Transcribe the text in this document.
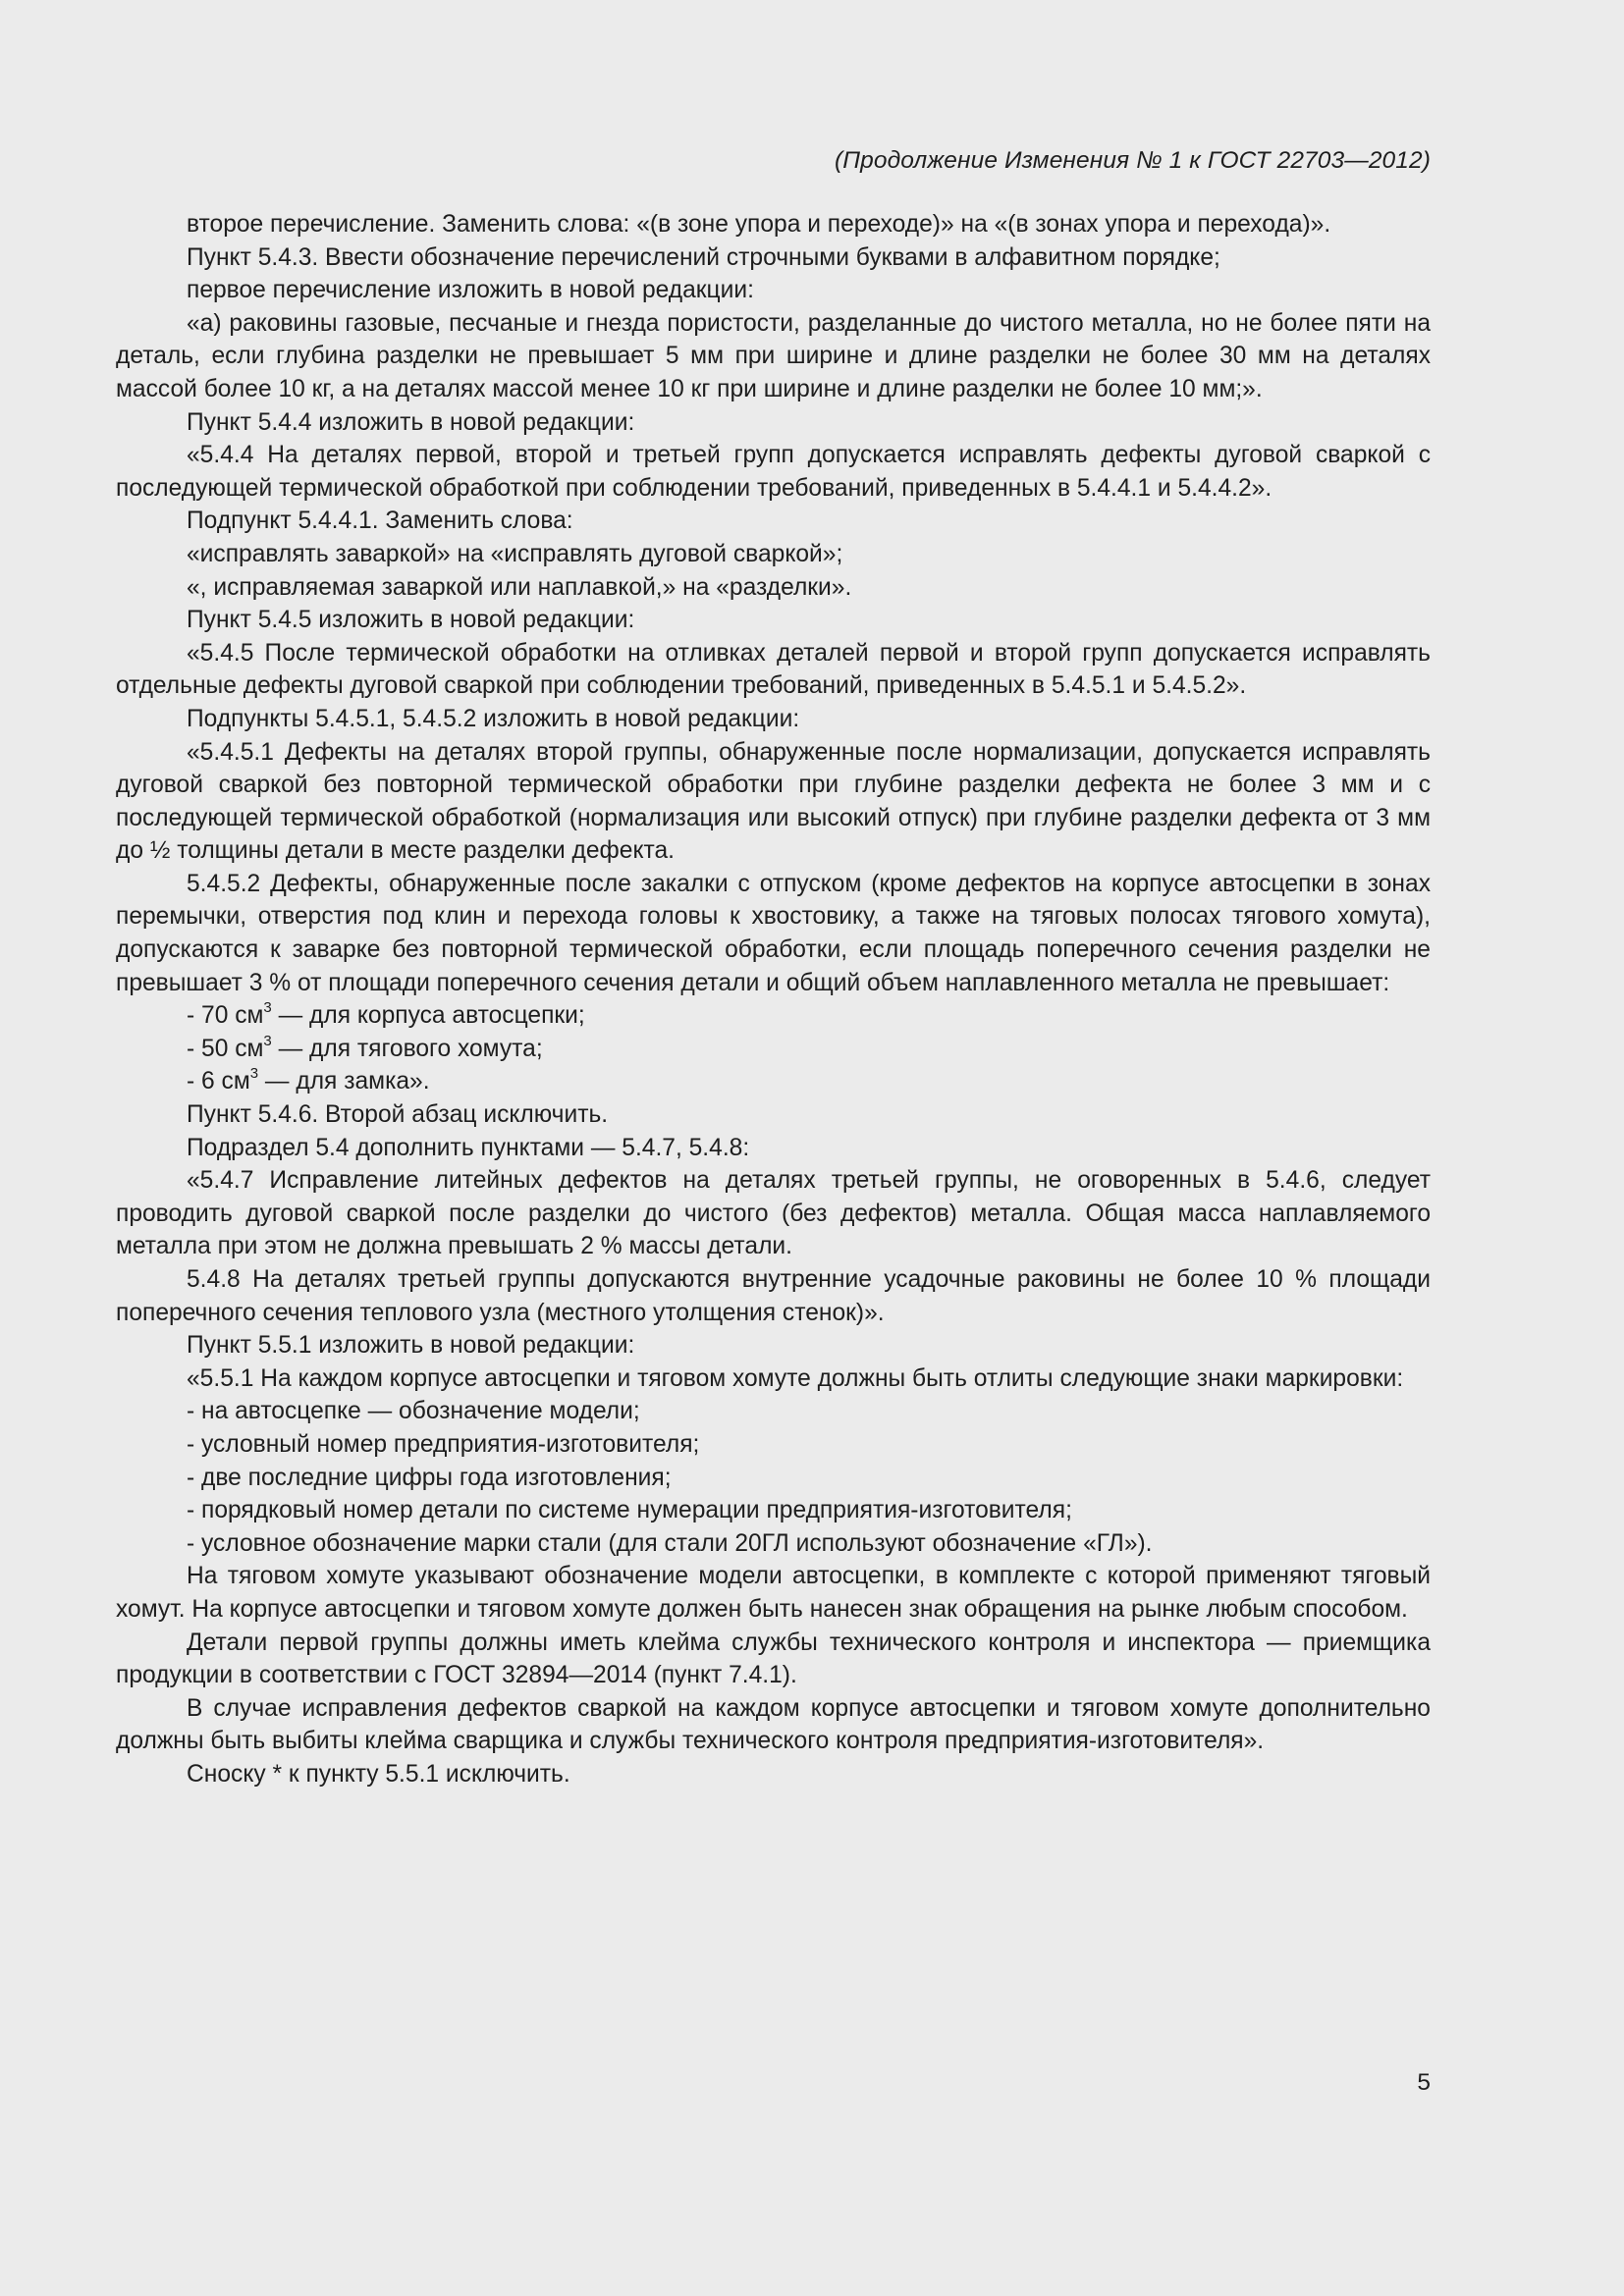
(Продолжение Изменения № 1 к ГОСТ 22703—2012)

второе перечисление. Заменить слова: «(в зоне упора и переходе)» на «(в зонах упора и перехода)».

Пункт 5.4.3. Ввести обозначение перечислений строчными буквами в алфавитном порядке;

первое перечисление изложить в новой редакции:

«а) раковины газовые, песчаные и гнезда пористости, разделанные до чистого металла, но не более пяти на деталь, если глубина разделки не превышает 5 мм при ширине и длине разделки не более 30 мм на деталях массой более 10 кг, а на деталях массой менее 10 кг при ширине и длине разделки не более 10 мм;».

Пункт 5.4.4 изложить в новой редакции:

«5.4.4 На деталях первой, второй и третьей групп допускается исправлять дефекты дуговой сваркой с последующей термической обработкой при соблюдении требований, приведенных в 5.4.4.1 и 5.4.4.2».

Подпункт 5.4.4.1. Заменить слова:

«исправлять заваркой» на «исправлять дуговой сваркой»;

«, исправляемая заваркой или наплавкой,» на «разделки».

Пункт 5.4.5 изложить в новой редакции:

«5.4.5 После термической обработки на отливках деталей первой и второй групп допускается исправлять отдельные дефекты дуговой сваркой при соблюдении требований, приведенных в 5.4.5.1 и 5.4.5.2».

Подпункты 5.4.5.1, 5.4.5.2 изложить в новой редакции:

«5.4.5.1 Дефекты на деталях второй группы, обнаруженные после нормализации, допускается исправлять дуговой сваркой без повторной термической обработки при глубине разделки дефекта не более 3 мм и с последующей термической обработкой (нормализация или высокий отпуск) при глубине разделки дефекта от 3 мм до ½ толщины детали в месте разделки дефекта.

5.4.5.2 Дефекты, обнаруженные после закалки с отпуском (кроме дефектов на корпусе автосцепки в зонах перемычки, отверстия под клин и перехода головы к хвостовику, а также на тяговых полосах тягового хомута), допускаются к заварке без повторной термической обработки, если площадь поперечного сечения разделки не превышает 3 % от площади поперечного сечения детали и общий объем наплавленного металла не превышает:

- 70 $см^3$ — для корпуса автосцепки;

- 50 $см^3$ — для тягового хомута;

- 6 $см^3$ — для замка».

Пункт 5.4.6. Второй абзац исключить.

Подраздел 5.4 дополнить пунктами — 5.4.7, 5.4.8:

«5.4.7 Исправление литейных дефектов на деталях третьей группы, не оговоренных в 5.4.6, следует проводить дуговой сваркой после разделки до чистого (без дефектов) металла. Общая масса наплавляемого металла при этом не должна превышать 2 % массы детали.

5.4.8 На деталях третьей группы допускаются внутренние усадочные раковины не более 10 % площади поперечного сечения теплового узла (местного утолщения стенок)».

Пункт 5.5.1 изложить в новой редакции:

«5.5.1 На каждом корпусе автосцепки и тяговом хомуте должны быть отлиты следующие знаки маркировки:

- на автосцепке — обозначение модели;

- условный номер предприятия-изготовителя;

- две последние цифры года изготовления;

- порядковый номер детали по системе нумерации предприятия-изготовителя;

- условное обозначение марки стали (для стали 20ГЛ используют обозначение «ГЛ»).

На тяговом хомуте указывают обозначение модели автосцепки, в комплекте с которой применяют тяговый хомут. На корпусе автосцепки и тяговом хомуте должен быть нанесен знак обращения на рынке любым способом.

Детали первой группы должны иметь клейма службы технического контроля и инспектора — приемщика продукции в соответствии с ГОСТ 32894—2014 (пункт 7.4.1).

В случае исправления дефектов сваркой на каждом корпусе автосцепки и тяговом хомуте дополнительно должны быть выбиты клейма сварщика и службы технического контроля предприятия-изготовителя».

Сноску * к пункту 5.5.1 исключить.

5
